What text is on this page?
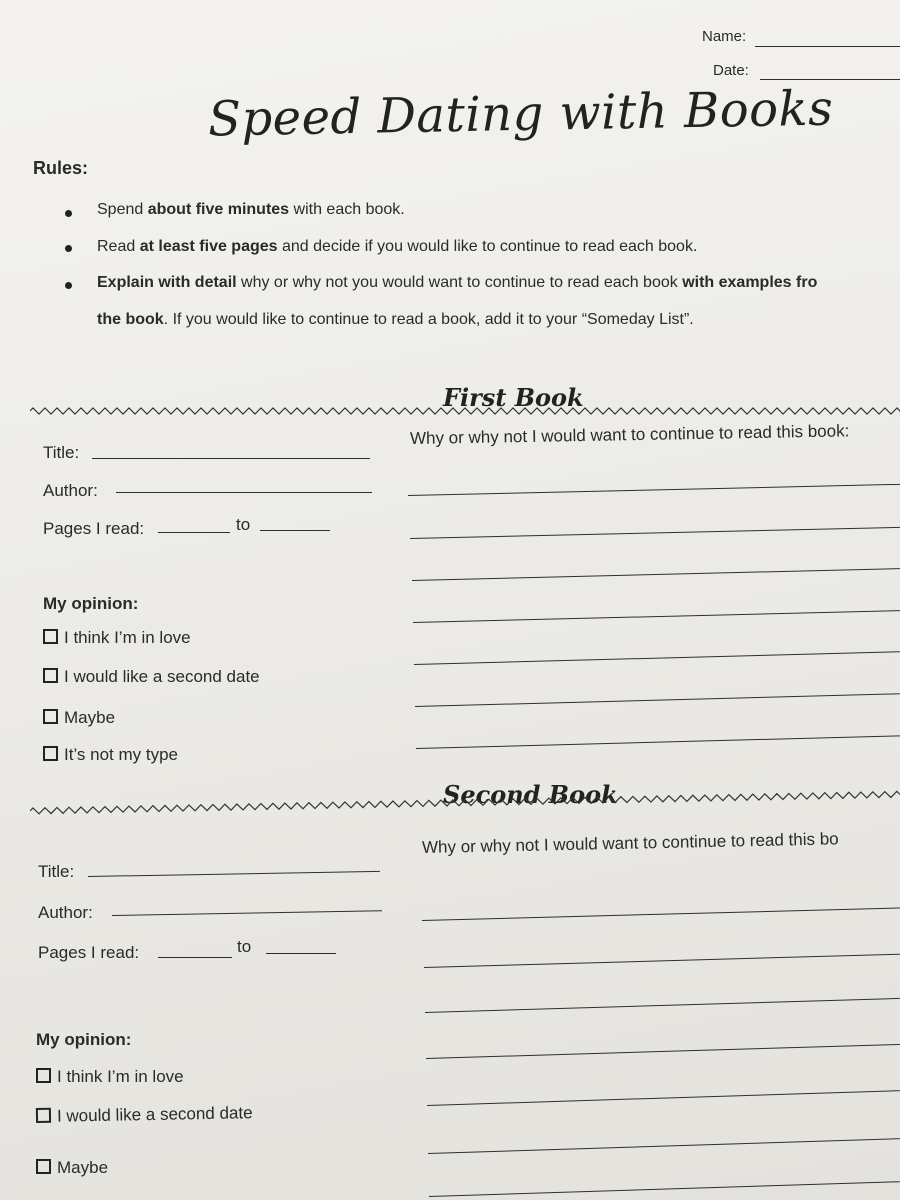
Name:
Date:
Speed Dating with Books
Rules:
Spend about five minutes with each book.
Read at least five pages and decide if you would like to continue to read each book.
Explain with detail why or why not you would want to continue to read each book with examples fro
the book. If you would like to continue to read a book, add it to your “Someday List”.
First Book
Title:
Author:
Pages I read:	to
My opinion:
I think I’m in love
I would like a second date
Maybe
It’s not my type
Why or why not I would want to continue to read this book:
Second Book
Title:
Author:
Pages I read:	to
My opinion:
I think I’m in love
I would like a second date
Maybe
Why or why not I would want to continue to read this bo
